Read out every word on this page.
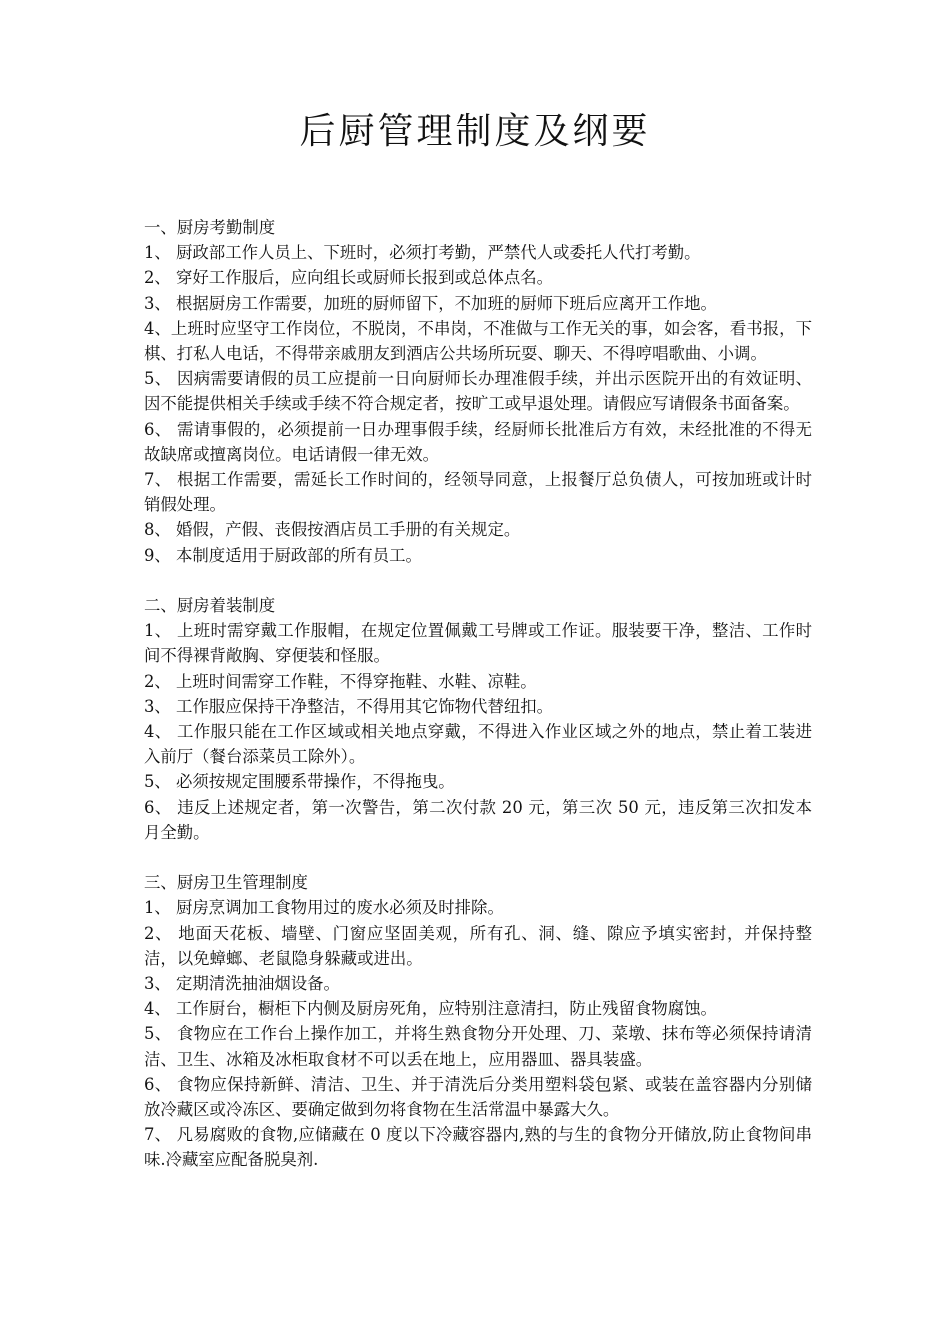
后厨管理制度及纲要

一、厨房考勤制度

1、 厨政部工作人员上、下班时，必须打考勤，严禁代人或委托人代打考勤。

2、 穿好工作服后，应向组长或厨师长报到或总体点名。

3、 根据厨房工作需要，加班的厨师留下，不加班的厨师下班后应离开工作地。

4、上班时应坚守工作岗位，不脱岗，不串岗，不准做与工作无关的事，如会客，看书报，下棋、打私人电话，不得带亲戚朋友到酒店公共场所玩耍、聊天、不得哼唱歌曲、小调。

5、 因病需要请假的员工应提前一日向厨师长办理准假手续，并出示医院开出的有效证明、因不能提供相关手续或手续不符合规定者，按旷工或早退处理。请假应写请假条书面备案。

6、 需请事假的，必须提前一日办理事假手续，经厨师长批准后方有效，未经批准的不得无故缺席或擅离岗位。电话请假一律无效。

7、 根据工作需要，需延长工作时间的，经领导同意，上报餐厅总负债人，可按加班或计时销假处理。

8、 婚假，产假、丧假按酒店员工手册的有关规定。

9、 本制度适用于厨政部的所有员工。

二、厨房着装制度

1、 上班时需穿戴工作服帽，在规定位置佩戴工号牌或工作证。服装要干净，整洁、工作时间不得裸背敞胸、穿便装和怪服。

2、 上班时间需穿工作鞋，不得穿拖鞋、水鞋、凉鞋。

3、 工作服应保持干净整洁，不得用其它饰物代替纽扣。

4、 工作服只能在工作区域或相关地点穿戴，不得进入作业区域之外的地点，禁止着工装进入前厅（餐台添菜员工除外）。

5、 必须按规定围腰系带操作，不得拖曳。

6、 违反上述规定者，第一次警告，第二次付款 20 元，第三次 50 元，违反第三次扣发本月全勤。

三、厨房卫生管理制度

1、 厨房烹调加工食物用过的废水必须及时排除。

2、 地面天花板、墙壁、门窗应坚固美观，所有孔、洞、缝、隙应予填实密封，并保持整洁，以免蟑螂、老鼠隐身躲藏或进出。

3、 定期清洗抽油烟设备。

4、 工作厨台，橱柜下内侧及厨房死角，应特别注意清扫，防止残留食物腐蚀。

5、 食物应在工作台上操作加工，并将生熟食物分开处理、刀、菜墩、抹布等必须保持请清洁、卫生、冰箱及冰柜取食材不可以丢在地上，应用器皿、器具装盛。

6、 食物应保持新鲜、清洁、卫生、并于清洗后分类用塑料袋包紧、或装在盖容器内分别储放冷藏区或冷冻区、要确定做到勿将食物在生活常温中暴露大久。

7、 凡易腐败的食物,应储藏在 0 度以下冷藏容器内,熟的与生的食物分开储放,防止食物间串味.冷藏室应配备脱臭剂.
